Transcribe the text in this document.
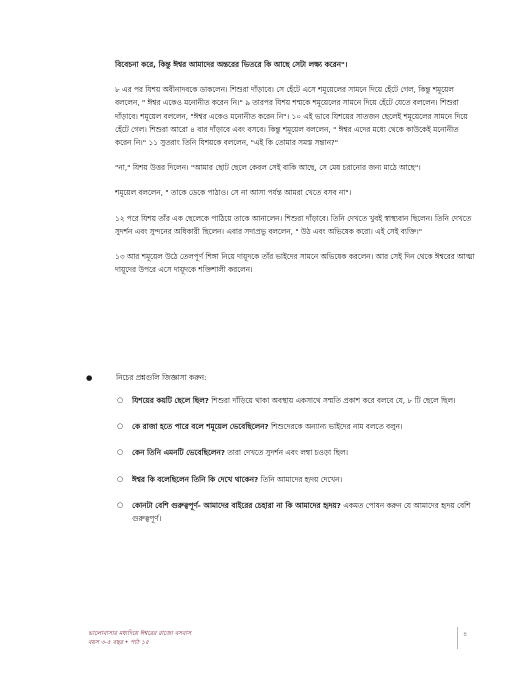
বিবেচনা করে, কিন্তু ঈশ্বর আমাদের অন্তরের ভিতরে কি আছে সেটা লক্ষ্য করেন"।

৮ এর পর যিশয় অবীনাদবকে ডাকলেন। শিশুরা দাঁড়াবে। সে হেঁটে এসে শমূয়েলের সামনে দিয়ে হেঁটে গেল, কিন্তু শমূয়েল বললেন, " ঈশ্বর একেও মনোনীত করেন নি।" ৯ তারপর যিশয় শম্মকে শমূয়েলের সামনে দিয়ে হেঁটে যেতে বললেন। শিশুরা দাঁড়াবে। শমূয়েল বললেন, "ঈশ্বর একেও মনোনীত করেন নি"। ১০ এই ভাবে যিশয়ের সাতজন ছেলেই শমূয়েলের সামনে দিয়ে হেঁটে গেল। শিশুরা আরো ৪ বার দাঁড়াবে এবং বসবে। কিন্তু শমূয়েল বললেন, " ঈশ্বর এদের মধ্যে থেকে কাউকেই মনোনীত করেন নি।" ১১ সুতরাং তিনি যিশয়কে বললেন, "এই কি তোমার সমস্ত সন্তান?"

"না," যিশয় উত্তর দিলেন। "আমার ছোট ছেলে কেবল সেই বাকি আছে, সে মেষ চরানোর জন্য মাঠে আছে"।

শমূয়েল বললেন, " তাকে ডেকে পাঠাও। সে না আসা পর্যন্ত আমরা খেতে বসব না"।

১২ পরে যিশয় তাঁর এক ছেলেকে পাঠিয়ে তাকে আনালেন। শিশুরা দাঁড়াবে। তিনি দেখতে খুবই স্বাস্থ্যবান ছিলেন। তিনি দেখতে সুদর্শন এবং সুন্দনের অধিকারী ছিলেন। এবার সদাপ্রভু বললেন, " উঠ এবং অভিষেক করো। এই সেই ব্যক্তি।"

১৩ আর শমূয়েল উঠে তেলপূর্ণ শিঙ্গা নিয়ে দায়ূদকে তাঁর ভাইদের সামনে অভিষেক করলেন। আর সেই দিন থেকে ঈশ্বরের আত্মা দায়ূদের উপরে এসে দায়ূদকে শক্তিশালী করলেন।

●	নিচের প্রশ্নগুলি জিজ্ঞাসা করুন:
○	যিশয়ের কয়টি ছেলে ছিল? শিশুরা দাঁড়িয়ে থাকা অবস্থায় একসাথে সম্মতি প্রকাশ করে বলবে যে, ৮ টি ছেলে ছিল।
○	কে রাজা হতে পারে বলে শমূয়েল ভেবেছিলেন? শিশুদেরকে অন্যান্য ভাইদের নাম বলতে বলুন।
○	কেন তিনি এমনটি ভেবেছিলেন? তারা দেখতে সুদর্শন এবং লম্বা চওড়া ছিল।
○	ঈশ্বর কি বলেছিলেন তিনি কি দেখে থাকেন? তিনি আমাদের হৃদয় দেখেন।
○	কোনটা বেশি গুরুত্বপূর্ণ- আমাদের বাইরের চেহারা না কি আমাদের হৃদয়? একমত পোষন করুন যে আমাদের হৃদয় বেশি গুরুত্বপূর্ণ।
ভালোবাসার মধ্যদিয়ে ঈশ্বরের রাজ্যে বসবাস
বয়স ৩-৫ বছর • পাঠ ১৫
৪
